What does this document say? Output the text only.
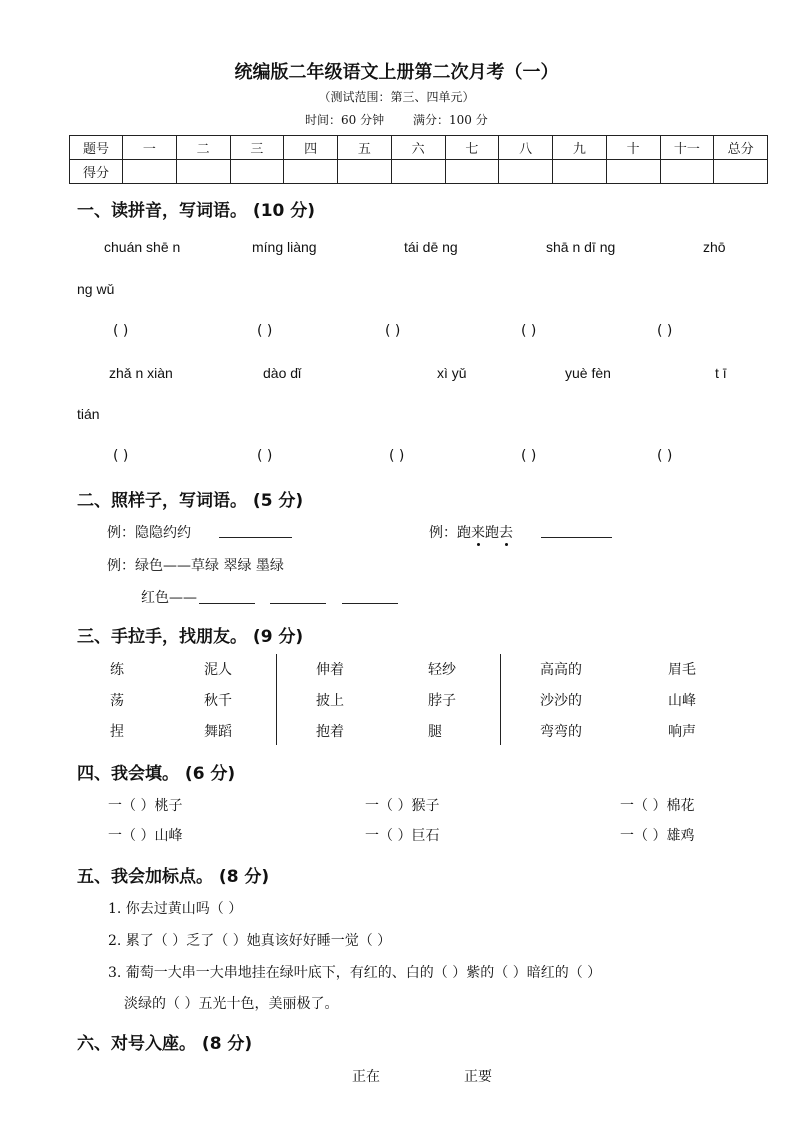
统编版二年级语文上册第二次月考（一）
（测试范围：第三、四单元）
时间：60 分钟 满分：100 分
题号	一	二	三	四	五	六	七	八	九	十	十一	总分
得分												
一、读拼音，写词语。 (10 分)
chuán shē n	míng liàng	tái dē ng	shā n dī ng	zhō
ng wǔ
( )	( )	( )	( )	( )
zhǎ n xiàn	dào dǐ	xì yǔ	yuè fèn	t ī
tián
( )	( )	( )	( )	( )
二、照样子，写词语。 (5 分)
例：隐隐约约	例：跑来跑去
例：绿色——草绿 翠绿 墨绿
红色——
三、手拉手，找朋友。 (9 分)
练	泥人
荡	秋千
捏	舞蹈
伸着	轻纱
披上	脖子
抱着	腿
高高的	眉毛
沙沙的	山峰
弯弯的	响声
四、我会填。 (6 分)
一（ ）桃子	一（ ）猴子	一（ ）棉花
一（ ）山峰	一（ ）巨石	一（ ）雄鸡
五、我会加标点。 (8 分)
1. 你去过黄山吗（ ）
2. 累了（ ）乏了（ ）她真该好好睡一觉（ ）
3. 葡萄一大串一大串地挂在绿叶底下，有红的、白的（ ）紫的（ ）暗红的（ ）
淡绿的（ ）五光十色，美丽极了。
六、对号入座。 (8 分)
正在	正要
